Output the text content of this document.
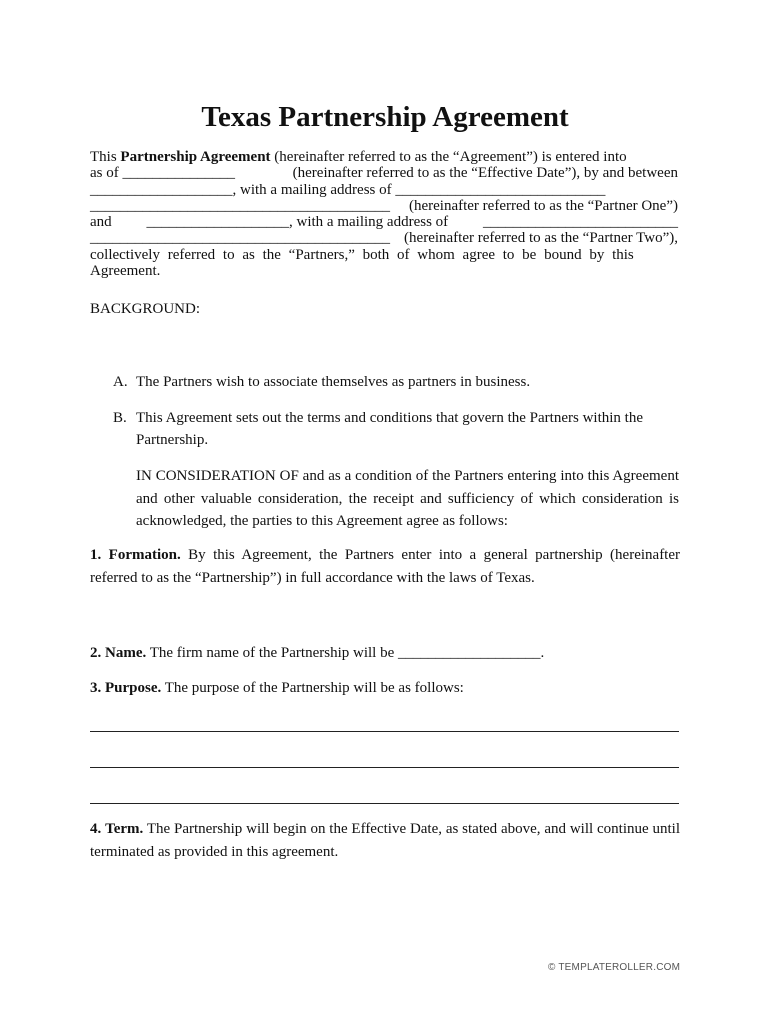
Texas Partnership Agreement
This Partnership Agreement (hereinafter referred to as the “Agreement”) is entered into
as of _______________	(hereinafter referred to as the “Effective Date”), by and between
___________________, with a mailing address of ____________________________
________________________________________ (hereinafter referred to as the “Partner One”)
and ___________________, with a mailing address of __________________________
________________________________________ (hereinafter referred to as the “Partner Two”),
collectively referred to as the “Partners,” both of whom agree to be bound by this
Agreement.
BACKGROUND:
A. The Partners wish to associate themselves as partners in business.
B. This Agreement sets out the terms and conditions that govern the Partners within the Partnership.
IN CONSIDERATION OF and as a condition of the Partners entering into this Agreement and other valuable consideration, the receipt and sufficiency of which consideration is acknowledged, the parties to this Agreement agree as follows:
1. Formation. By this Agreement, the Partners enter into a general partnership (hereinafter referred to as the “Partnership”) in full accordance with the laws of Texas.
2. Name. The firm name of the Partnership will be ___________________.
3. Purpose. The purpose of the Partnership will be as follows:
4. Term. The Partnership will begin on the Effective Date, as stated above, and will continue until terminated as provided in this agreement.
© TEMPLATEROLLER.COM
